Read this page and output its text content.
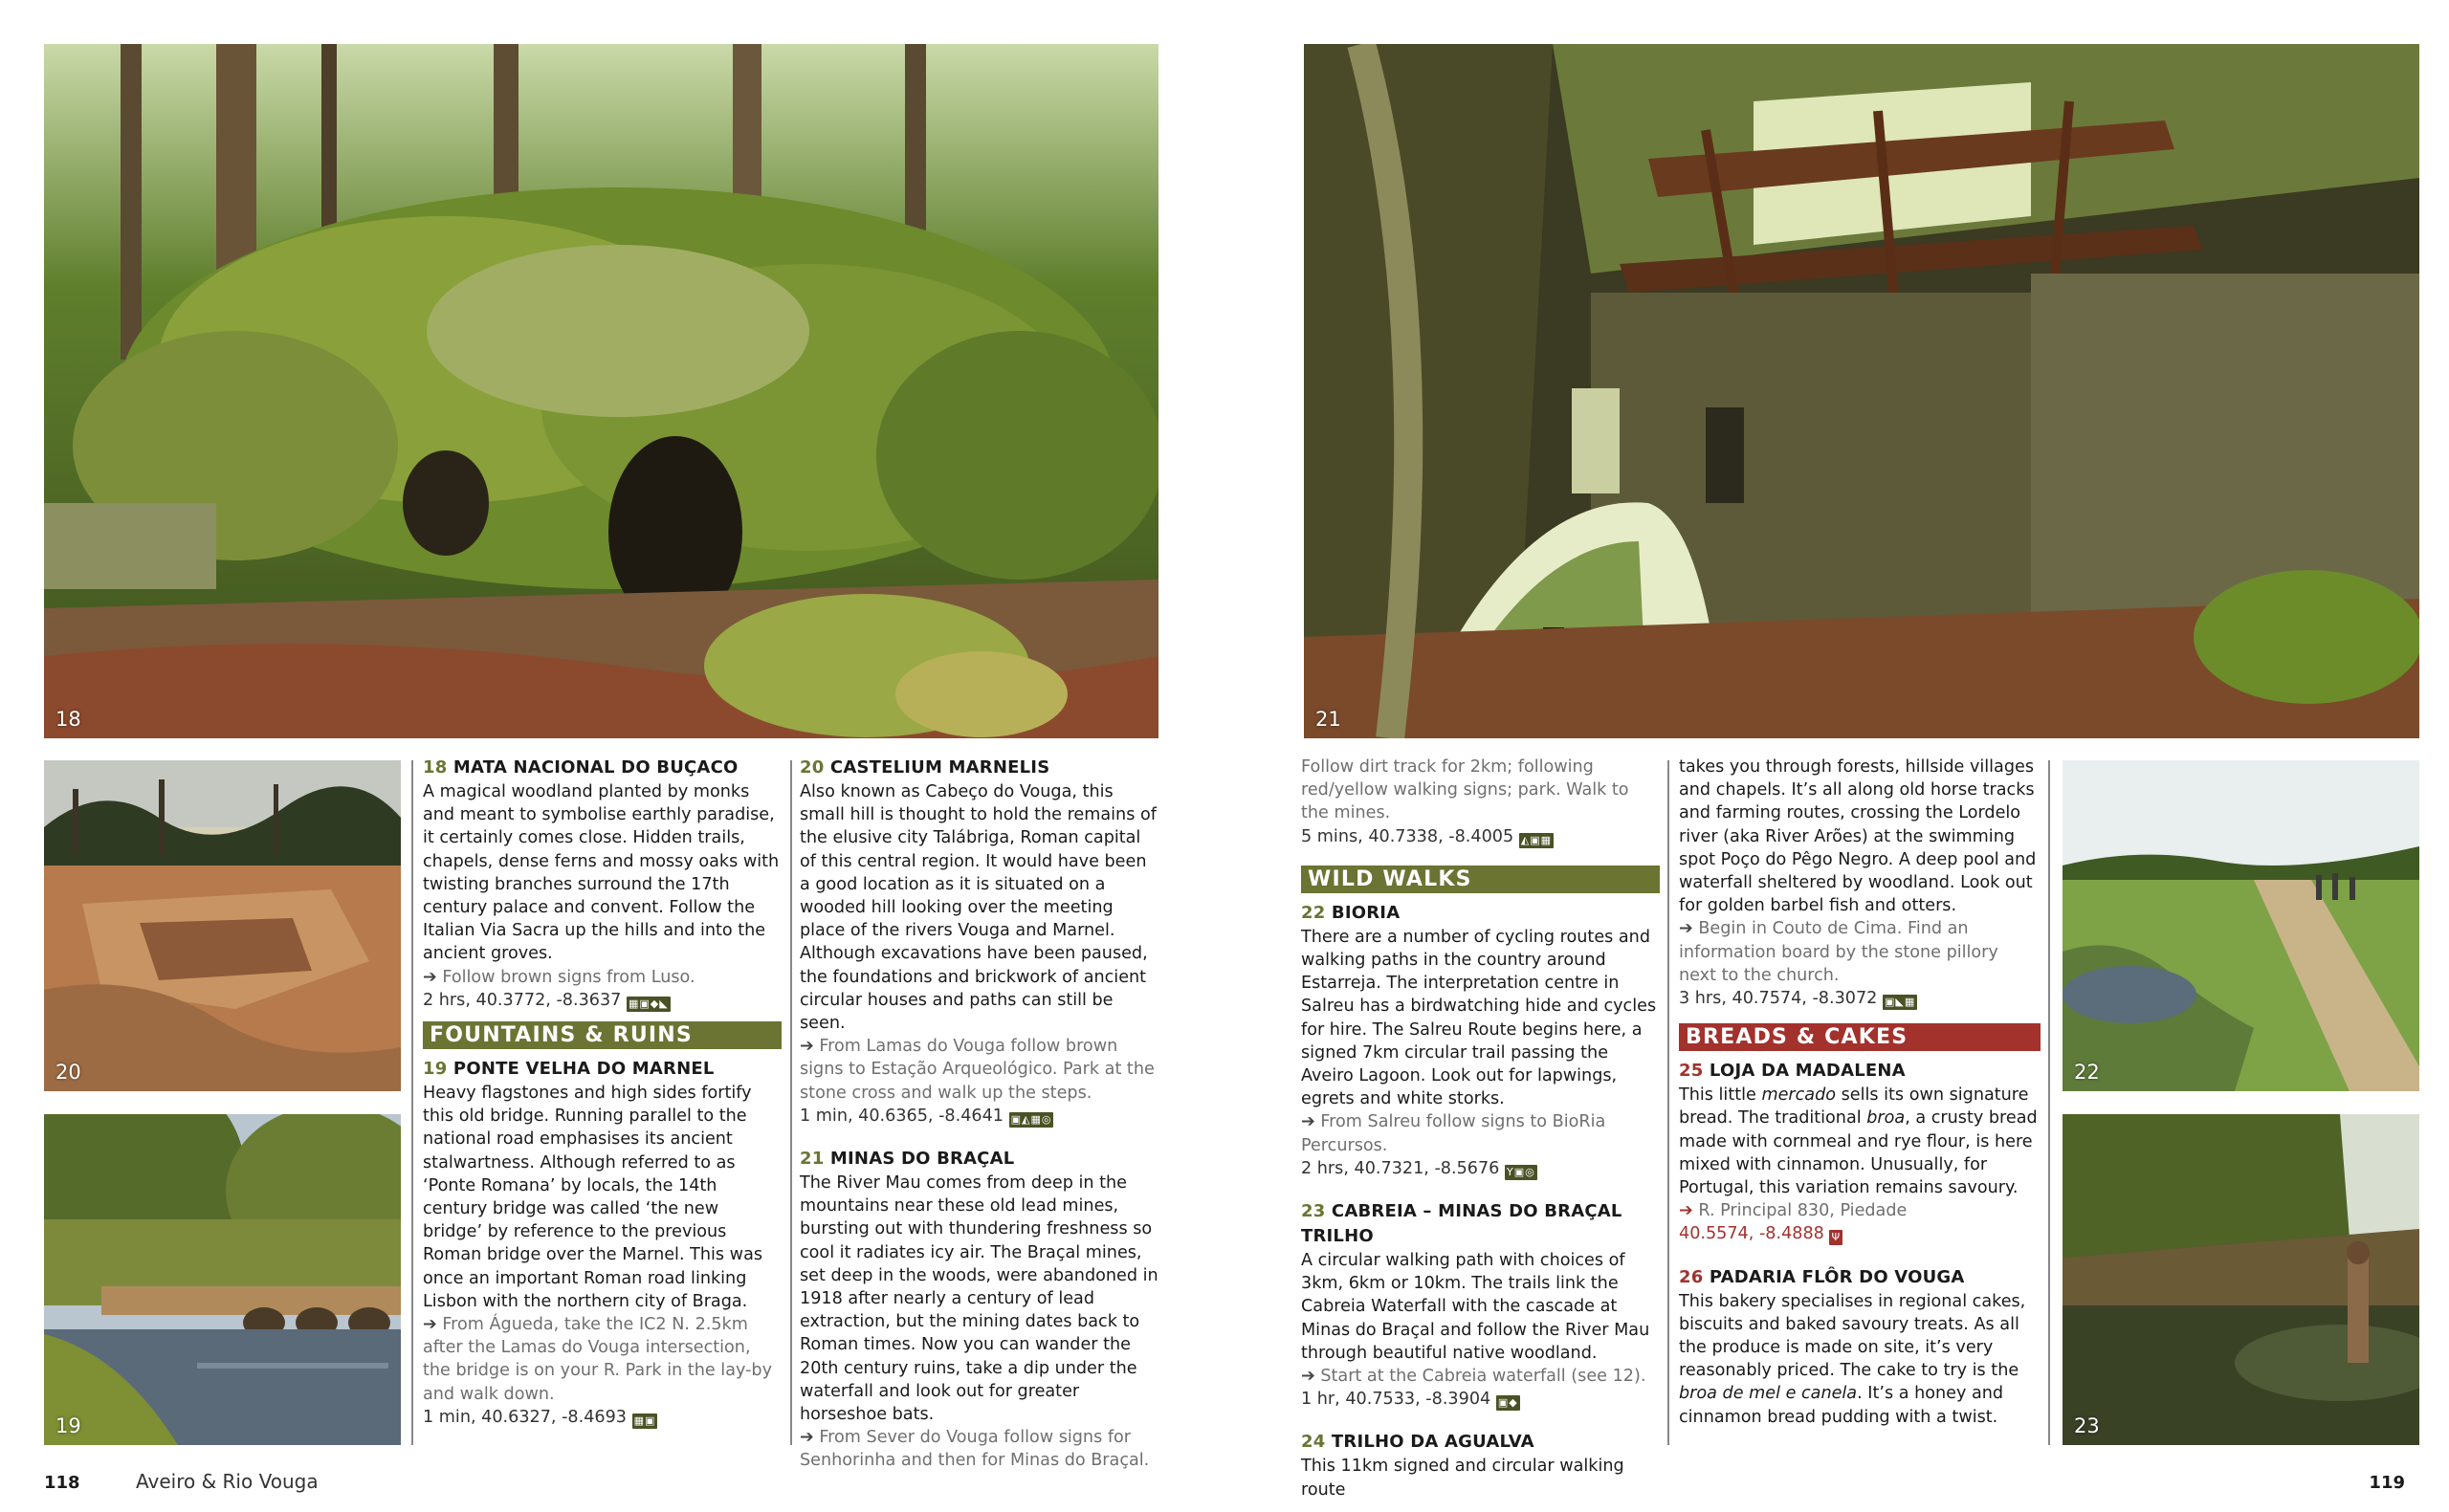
18
20
19
21
22
23
18 MATA NACIONAL DO BUÇACO

A magical woodland planted by monks and meant to symbolise earthly paradise, it certainly comes close. Hidden trails, chapels, dense ferns and mossy oaks with twisting branches surround the 17th century palace and convent. Follow the Italian Via Sacra up the hills and into the ancient groves.

➔ Follow brown signs from Luso.

2 hrs, 40.3772, -8.3637 ▦▣◆◣

FOUNTAINS & RUINS
19 PONTE VELHA DO MARNEL

Heavy flagstones and high sides fortify this old bridge. Running parallel to the national road emphasises its ancient stalwartness. Although referred to as ‘Ponte Romana’ by locals, the 14th century bridge was called ‘the new bridge’ by reference to the previous Roman bridge over the Marnel. This was once an important Roman road linking Lisbon with the northern city of Braga.

➔ From Águeda, take the IC2 N. 2.5km after the Lamas do Vouga intersection, the bridge is on your R. Park in the lay-by and walk down.

1 min, 40.6327, -8.4693 ▦▣

20 CASTELIUM MARNELIS

Also known as Cabeço do Vouga, this small hill is thought to hold the remains of the elusive city Talábriga, Roman capital of this central region. It would have been a good location as it is situated on a wooded hill looking over the meeting place of the rivers Vouga and Marnel. Although excavations have been paused, the foundations and brickwork of ancient circular houses and paths can still be seen.

➔ From Lamas do Vouga follow brown signs to Estação Arqueológico. Park at the stone cross and walk up the steps.

1 min, 40.6365, -8.4641 ▣◭▦◎

21 MINAS DO BRAÇAL

The River Mau comes from deep in the mountains near these old lead mines, bursting out with thundering freshness so cool it radiates icy air. The Braçal mines, set deep in the woods, were abandoned in 1918 after nearly a century of lead extraction, but the mining dates back to Roman times. Now you can wander the 20th century ruins, take a dip under the waterfall and look out for greater horseshoe bats.

➔ From Sever do Vouga follow signs for Senhorinha and then for Minas do Braçal.

Follow dirt track for 2km; following red/yellow walking signs; park. Walk to the mines.

5 mins, 40.7338, -8.4005 ◭▣▦

WILD WALKS
22 BIORIA

There are a number of cycling routes and walking paths in the country around Estarreja. The interpretation centre in Salreu has a birdwatching hide and cycles for hire. The Salreu Route begins here, a signed 7km circular trail passing the Aveiro Lagoon. Look out for lapwings, egrets and white storks.

➔ From Salreu follow signs to BioRia Percursos.

2 hrs, 40.7321, -8.5676 Y▣◎

23 CABREIA – MINAS DO BRAÇAL TRILHO

A circular walking path with choices of 3km, 6km or 10km. The trails link the Cabreia Waterfall with the cascade at Minas do Braçal and follow the River Mau through beautiful native woodland.

➔ Start at the Cabreia waterfall (see 12).

1 hr, 40.7533, -8.3904 ▣◆

24 TRILHO DA AGUALVA

This 11km signed and circular walking route

takes you through forests, hillside villages and chapels. It’s all along old horse tracks and farming routes, crossing the Lordelo river (aka River Arões) at the swimming spot Poço do Pêgo Negro. A deep pool and waterfall sheltered by woodland. Look out for golden barbel fish and otters.

➔ Begin in Couto de Cima. Find an information board by the stone pillory next to the church.

3 hrs, 40.7574, -8.3072 ▣◣▦

BREADS & CAKES
25 LOJA DA MADALENA

This little mercado sells its own signature bread. The traditional broa, a crusty bread made with cornmeal and rye flour, is here mixed with cinnamon. Unusually, for Portugal, this variation remains savoury.

➔ R. Principal 830, Piedade

40.5574, -8.4888 Ψ

26 PADARIA FLÔR DO VOUGA

This bakery specialises in regional cakes, biscuits and baked savoury treats. As all the produce is made on site, it’s very reasonably priced. The cake to try is the broa de mel e canela. It’s a honey and cinnamon bread pudding with a twist.

118	Aveiro & Rio Vouga	119
